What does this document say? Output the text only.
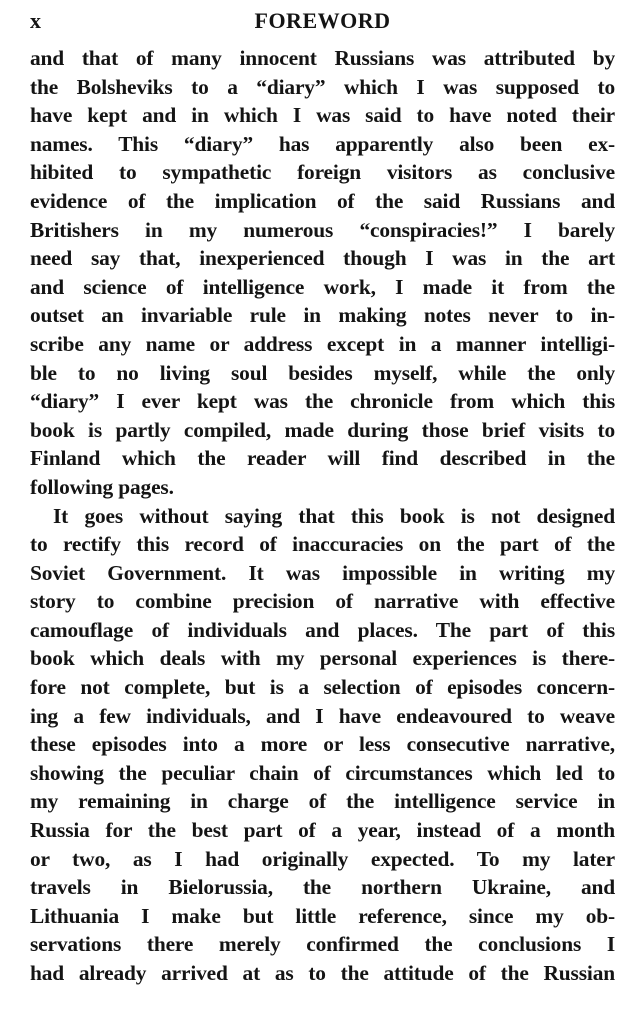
x	FOREWORD
and that of many innocent Russians was attributed by
the Bolsheviks to a “diary” which I was supposed to
have kept and in which I was said to have noted their
names. This “diary” has apparently also been ex-
hibited to sympathetic foreign visitors as conclusive
evidence of the implication of the said Russians and
Britishers in my numerous “conspiracies!” I barely
need say that, inexperienced though I was in the art
and science of intelligence work, I made it from the
outset an invariable rule in making notes never to in-
scribe any name or address except in a manner intelligi-
ble to no living soul besides myself, while the only
“diary” I ever kept was the chronicle from which this
book is partly compiled, made during those brief visits to
Finland which the reader will find described in the
following pages.
It goes without saying that this book is not designed
to rectify this record of inaccuracies on the part of the
Soviet Government. It was impossible in writing my
story to combine precision of narrative with effective
camouflage of individuals and places. The part of this
book which deals with my personal experiences is there-
fore not complete, but is a selection of episodes concern-
ing a few individuals, and I have endeavoured to weave
these episodes into a more or less consecutive narrative,
showing the peculiar chain of circumstances which led to
my remaining in charge of the intelligence service in
Russia for the best part of a year, instead of a month
or two, as I had originally expected. To my later
travels in Bielorussia, the northern Ukraine, and
Lithuania I make but little reference, since my ob-
servations there merely confirmed the conclusions I
had already arrived at as to the attitude of the Russian
